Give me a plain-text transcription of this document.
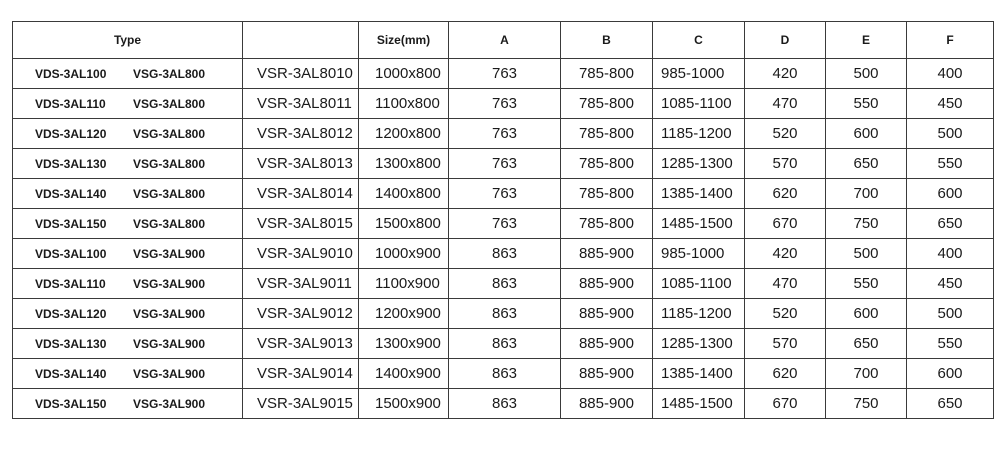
Type		Size(mm)	A	B	C	D	E	F
VDS-3AL100 VSG-3AL800	VSR-3AL8010	1000x800	763	785-800	985-1000	420	500	400
VDS-3AL110 VSG-3AL800	VSR-3AL8011	1100x800	763	785-800	1085-1100	470	550	450
VDS-3AL120 VSG-3AL800	VSR-3AL8012	1200x800	763	785-800	1185-1200	520	600	500
VDS-3AL130 VSG-3AL800	VSR-3AL8013	1300x800	763	785-800	1285-1300	570	650	550
VDS-3AL140 VSG-3AL800	VSR-3AL8014	1400x800	763	785-800	1385-1400	620	700	600
VDS-3AL150 VSG-3AL800	VSR-3AL8015	1500x800	763	785-800	1485-1500	670	750	650
VDS-3AL100 VSG-3AL900	VSR-3AL9010	1000x900	863	885-900	985-1000	420	500	400
VDS-3AL110 VSG-3AL900	VSR-3AL9011	1100x900	863	885-900	1085-1100	470	550	450
VDS-3AL120 VSG-3AL900	VSR-3AL9012	1200x900	863	885-900	1185-1200	520	600	500
VDS-3AL130 VSG-3AL900	VSR-3AL9013	1300x900	863	885-900	1285-1300	570	650	550
VDS-3AL140 VSG-3AL900	VSR-3AL9014	1400x900	863	885-900	1385-1400	620	700	600
VDS-3AL150 VSG-3AL900	VSR-3AL9015	1500x900	863	885-900	1485-1500	670	750	650
